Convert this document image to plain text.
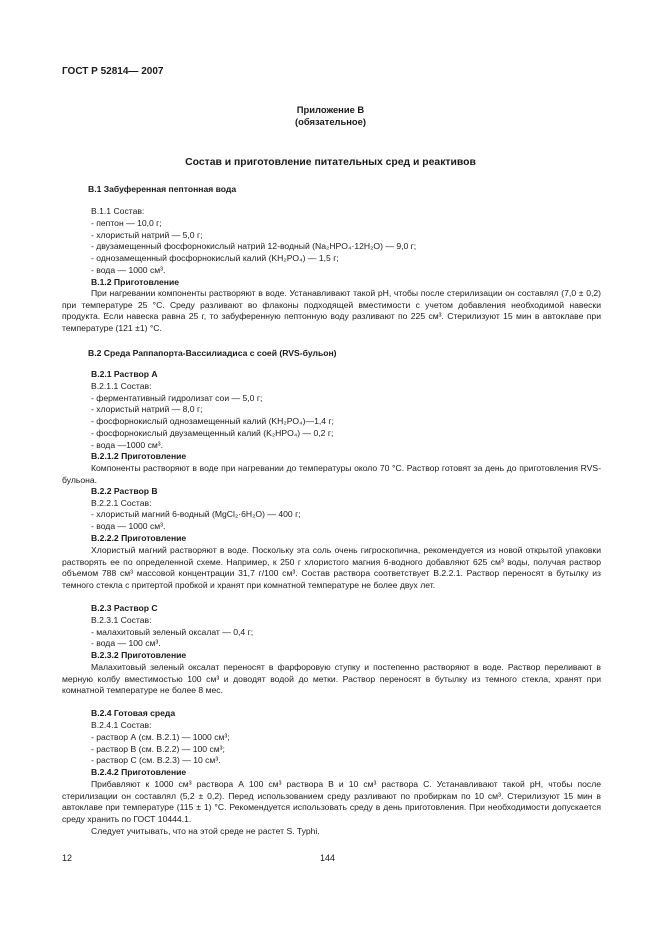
ГОСТ Р 52814— 2007
Приложение В
(обязательное)
Состав и приготовление питательных сред и реактивов
В.1 Забуференная пептонная вода
В.1.1 Состав:
- пептон — 10,0 г;
- хлористый натрий — 5,0 г;
- двузамещенный фосфорнокислый натрий 12-водный (Na₂HPO₄·12H₂O) — 9,0 г;
- однозамещенный фосфорнокислый калий (KH₂PO₄) — 1,5 г;
- вода — 1000 см³.
В.1.2 Приготовление
При нагревании компоненты растворяют в воде. Устанавливают такой pH, чтобы после стерилизации он составлял (7,0 ± 0,2) при температуре 25 °С. Среду разливают во флаконы подходящей вместимости с учетом добавления необходимой навески продукта. Если навеска равна 25 г, то забуференную пептонную воду разливают по 225 см³. Стерилизуют 15 мин в автоклаве при температуре (121 ±1) °С.
В.2 Среда Раппапорта-Вассилиадиса с соей (RVS-бульон)
В.2.1 Раствор А
В.2.1.1 Состав:
- ферментативный гидролизат сои — 5,0 г;
- хлористый натрий — 8,0 г;
- фосфорнокислый однозамещенный калий (KH₂PO₄)—1,4 г;
- фосфорнокислый двузамещенный калий (K₂HPO₄) — 0,2 г;
- вода —1000 см³.
В.2.1.2 Приготовление
Компоненты растворяют в воде при нагревании до температуры около 70 °С. Раствор готовят за день до приготовления RVS-бульона.
В.2.2 Раствор В
В.2.2.1 Состав:
- хлористый магний 6-водный (MgCl₂·6H₂O) — 400 г;
- вода — 1000 см³.
В.2.2.2 Приготовление
Хлористый магний растворяют в воде. Поскольку эта соль очень гигроскопична, рекомендуется из новой открытой упаковки растворять ее по определенной схеме. Например, к 250 г хлористого магния 6-водного добавляют 625 см³ воды, получая раствор объемом 788 см³ массовой концентрации 31,7 г/100 см³. Состав раствора соответствует В.2.2.1. Раствор переносят в бутылку из темного стекла с притертой пробкой и хранят при комнатной температуре не более двух лет.
В.2.3 Раствор С
В.2.3.1 Состав:
- малахитовый зеленый оксалат — 0,4 г;
- вода — 100 см³.
В.2.3.2 Приготовление
Малахитовый зеленый оксалат переносят в фарфоровую ступку и постепенно растворяют в воде. Раствор переливают в мерную колбу вместимостью 100 см³ и доводят водой до метки. Раствор переносят в бутылку из темного стекла, хранят при комнатной температуре не более 8 мес.
В.2.4 Готовая среда
В.2.4.1 Состав:
- раствор А (см. В.2.1) — 1000 см³;
- раствор В (см. В.2.2) — 100 см³;
- раствор С (см. В.2.3) — 10 см³.
В.2.4.2 Приготовление
Прибавляют к 1000 см³ раствора А 100 см³ раствора В и 10 см³ раствора С. Устанавливают такой pH, чтобы после стерилизации он составлял (5,2 ± 0,2). Перед использованием среду разливают по пробиркам по 10 см³. Стерилизуют 15 мин в автоклаве при температуре (115 ± 1) °С. Рекомендуется использовать среду в день приготовления. При необходимости допускается среду хранить по ГОСТ 10444.1.
Следует учитывать, что на этой среде не растет S. Typhi.
12	144
